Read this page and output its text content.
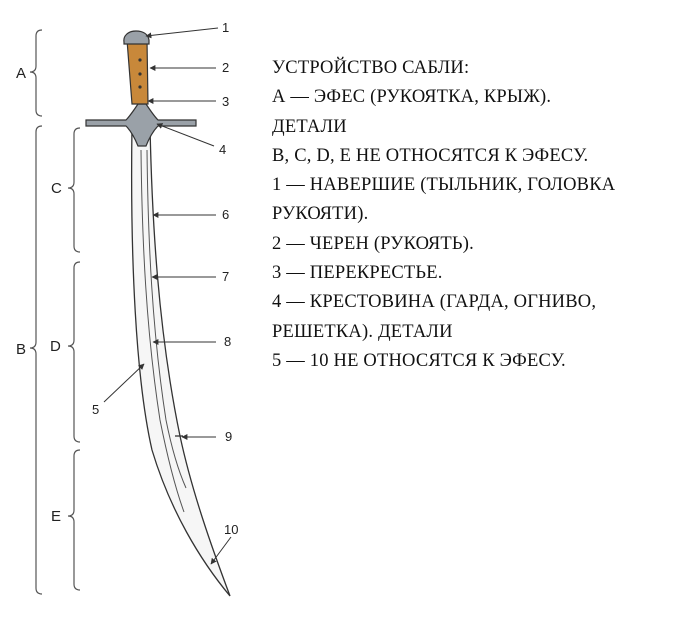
A
B
C
D
E
1
2
3
4
5
6
7
8
9
10
УСТРОЙСТВО САБЛИ:
А — ЭФЕС (РУКОЯТКА, КРЫЖ).
ДЕТАЛИ
B, C, D, E НЕ ОТНОСЯТСЯ К ЭФЕСУ.
1 — НАВЕРШИЕ (ТЫЛЬНИК, ГОЛОВКА
РУКОЯТИ).
2 — ЧЕРЕН (РУКОЯТЬ).
3 — ПЕРЕКРЕСТЬЕ.
4 — КРЕСТОВИНА (ГАРДА, ОГНИВО,
РЕШЕТКА). ДЕТАЛИ
5 — 10 НЕ ОТНОСЯТСЯ К ЭФЕСУ.
